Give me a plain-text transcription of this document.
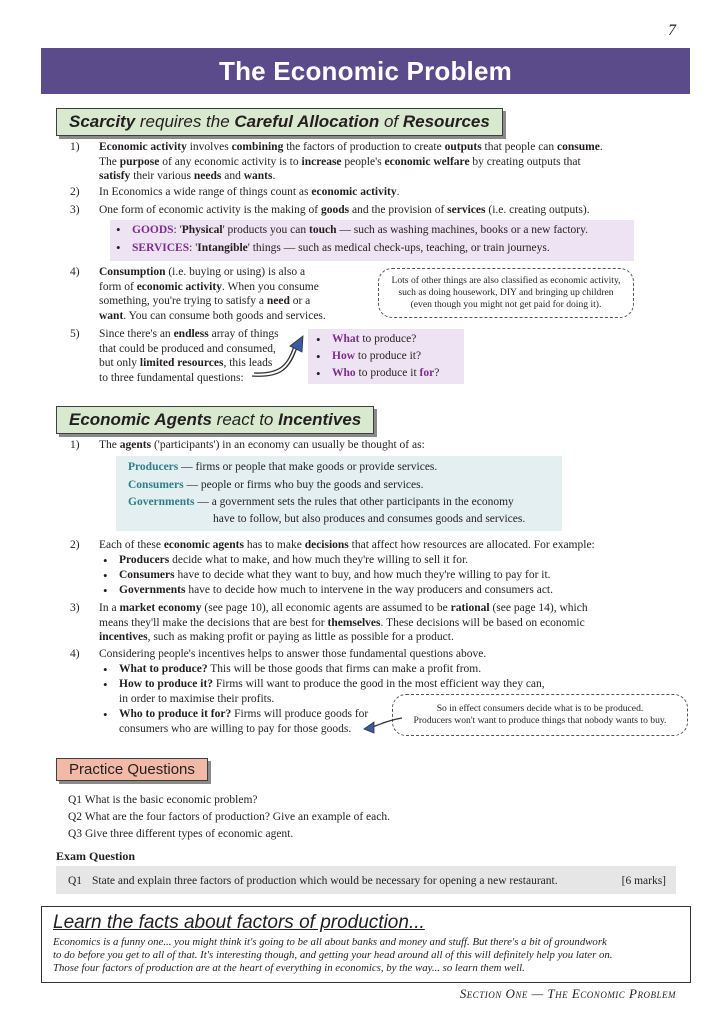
7
The Economic Problem
Scarcity requires the Careful Allocation of Resources
1)	Economic activity involves combining the factors of production to create outputs that people can consume.
The purpose of any economic activity is to increase people's economic welfare by creating outputs that
satisfy their various needs and wants.
2)	In Economics a wide range of things count as economic activity.
3)	One form of economic activity is the making of goods and the provision of services (i.e. creating outputs).
• GOODS: 'Physical' products you can touch — such as washing machines, books or a new factory.
• SERVICES: 'Intangible' things — such as medical check-ups, teaching, or train journeys.
4)	Consumption (i.e. buying or using) is also a
form of economic activity. When you consume
something, you're trying to satisfy a need or a
want. You can consume both goods and services.
Lots of other things are also classified as economic activity,
such as doing housework, DIY and bringing up children
(even though you might not get paid for doing it).
5)	Since there's an endless array of things
that could be produced and consumed,
but only limited resources, this leads
to three fundamental questions:
• What to produce?
• How to produce it?
• Who to produce it for?
Economic Agents react to Incentives
1)	The agents ('participants') in an economy can usually be thought of as:
Producers — firms or people that make goods or provide services.
Consumers — people or firms who buy the goods and services.
Governments — a government sets the rules that other participants in the economy
have to follow, but also produces and consumes goods and services.
2)	Each of these economic agents has to make decisions that affect how resources are allocated. For example:
• Producers decide what to make, and how much they're willing to sell it for.
• Consumers have to decide what they want to buy, and how much they're willing to pay for it.
• Governments have to decide how much to intervene in the way producers and consumers act.
3)	In a market economy (see page 10), all economic agents are assumed to be rational (see page 14), which
means they'll make the decisions that are best for themselves. These decisions will be based on economic
incentives, such as making profit or paying as little as possible for a product.
4)	Considering people's incentives helps to answer those fundamental questions above.
• What to produce? This will be those goods that firms can make a profit from.
• How to produce it? Firms will want to produce the good in the most efficient way they can,
in order to maximise their profits.
• Who to produce it for? Firms will produce goods for
consumers who are willing to pay for those goods.
So in effect consumers decide what is to be produced.
Producers won't want to produce things that nobody wants to buy.
Practice Questions
Q1 What is the basic economic problem?
Q2 What are the four factors of production? Give an example of each.
Q3 Give three different types of economic agent.
Exam Question
Q1 State and explain three factors of production which would be necessary for opening a new restaurant.	[6 marks]
Learn the facts about factors of production...
Economics is a funny one... you might think it's going to be all about banks and money and stuff. But there's a bit of groundwork
to do before you get to all of that. It's interesting though, and getting your head around all of this will definitely help you later on.
Those four factors of production are at the heart of everything in economics, by the way... so learn them well.
Section One — The Economic Problem
